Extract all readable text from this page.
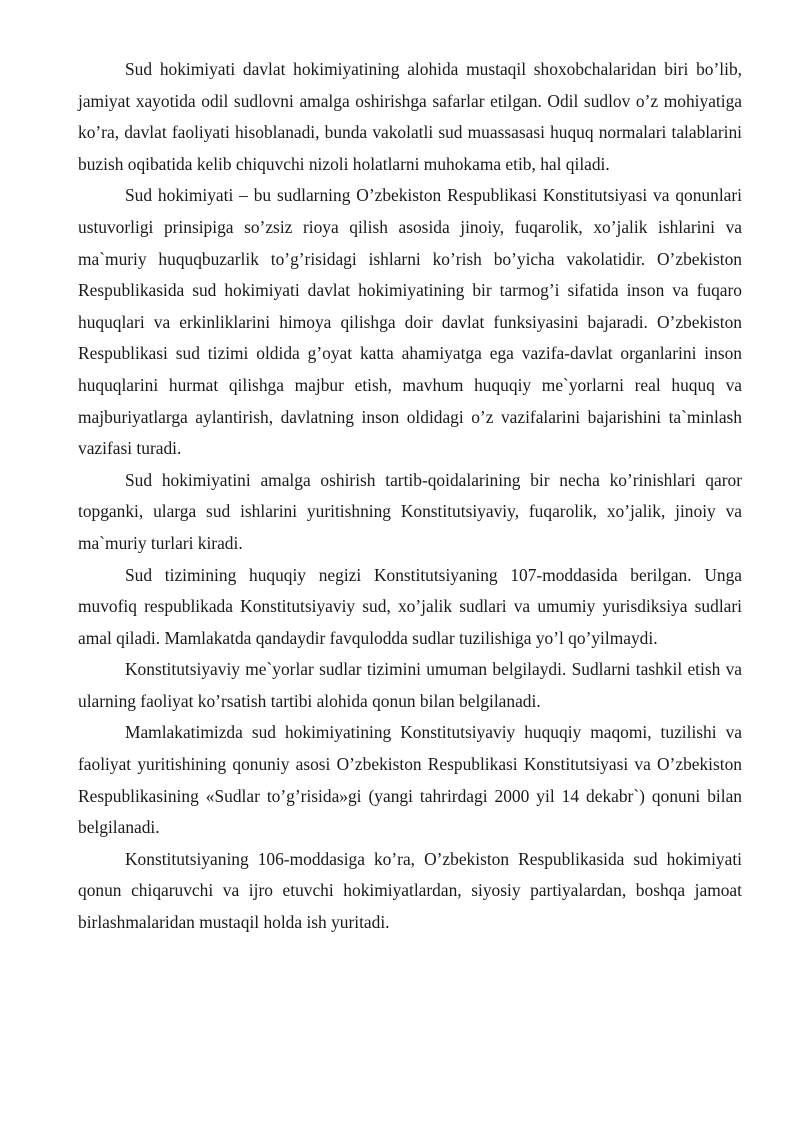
Sud hokimiyati davlat hokimiyatining alohida mustaqil shoxobchalaridan biri bo’lib, jamiyat xayotida odil sudlovni amalga oshirishga safarlar etilgan. Odil sudlov o’z mohiyatiga ko’ra, davlat faoliyati hisoblanadi, bunda vakolatli sud muassasasi huquq normalari talablarini buzish oqibatida kelib chiquvchi nizoli holatlarni muhokama etib, hal qiladi.

Sud hokimiyati – bu sudlarning O’zbekiston Respublikasi Konstitutsiyasi va qonunlari ustuvorligi prinsipiga so’zsiz rioya qilish asosida jinoiy, fuqarolik, xo’jalik ishlarini va ma`muriy huquqbuzarlik to’g’risidagi ishlarni ko’rish bo’yicha vakolatidir. O’zbekiston Respublikasida sud hokimiyati davlat hokimiyatining bir tarmog’i sifatida inson va fuqaro huquqlari va erkinliklarini himoya qilishga doir davlat funksiyasini bajaradi. O’zbekiston Respublikasi sud tizimi oldida g’oyat katta ahamiyatga ega vazifa-davlat organlarini inson huquqlarini hurmat qilishga majbur etish, mavhum huquqiy me`yorlarni real huquq va majburiyatlarga aylantirish, davlatning inson oldidagi o’z vazifalarini bajarishini ta`minlash vazifasi turadi.

Sud hokimiyatini amalga oshirish tartib-qoidalarining bir necha ko’rinishlari qaror topganki, ularga sud ishlarini yuritishning Konstitutsiyaviy, fuqarolik, xo’jalik, jinoiy va ma`muriy turlari kiradi.

Sud tizimining huquqiy negizi Konstitutsiyaning 107-moddasida berilgan. Unga muvofiq respublikada Konstitutsiyaviy sud, xo’jalik sudlari va umumiy yurisdiksiya sudlari amal qiladi. Mamlakatda qandaydir favqulodda sudlar tuzilishiga yo’l qo’yilmaydi.

Konstitutsiyaviy me`yorlar sudlar tizimini umuman belgilaydi. Sudlarni tashkil etish va ularning faoliyat ko’rsatish tartibi alohida qonun bilan belgilanadi.

Mamlakatimizda sud hokimiyatining Konstitutsiyaviy huquqiy maqomi, tuzilishi va faoliyat yuritishining qonuniy asosi O’zbekiston Respublikasi Konstitutsiyasi va O’zbekiston Respublikasining «Sudlar to’g’risida»gi (yangi tahrirdagi 2000 yil 14 dekabr`) qonuni bilan belgilanadi.

Konstitutsiyaning 106-moddasiga ko’ra, O’zbekiston Respublikasida sud hokimiyati qonun chiqaruvchi va ijro etuvchi hokimiyatlardan, siyosiy partiyalardan, boshqa jamoat birlashmalaridan mustaqil holda ish yuritadi.
